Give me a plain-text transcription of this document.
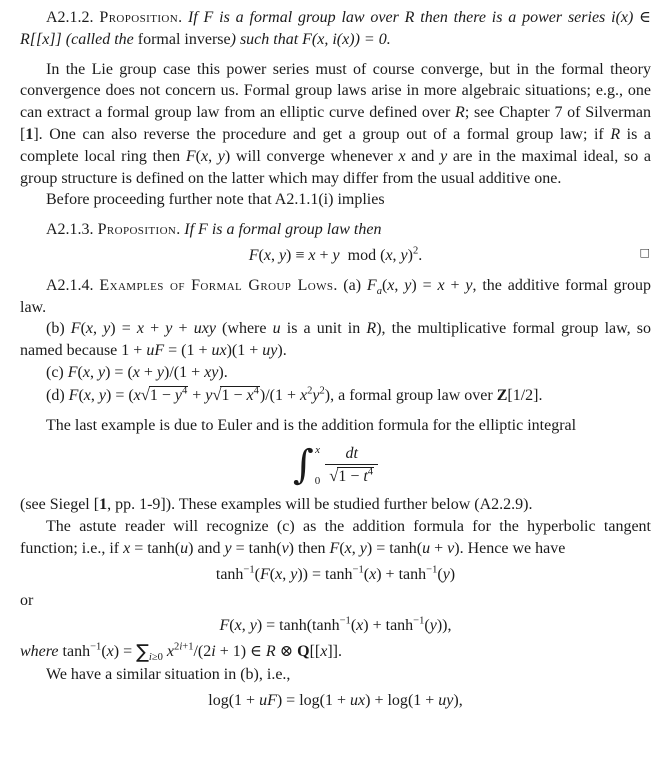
A2.1.2. Proposition. If F is a formal group law over R then there is a power series i(x) ∈ R[[x]] (called the formal inverse) such that F(x, i(x)) = 0.
In the Lie group case this power series must of course converge, but in the formal theory convergence does not concern us. Formal group laws arise in more algebraic situations; e.g., one can extract a formal group law from an elliptic curve defined over R; see Chapter 7 of Silverman [1]. One can also reverse the procedure and get a group out of a formal group law; if R is a complete local ring then F(x, y) will converge whenever x and y are in the maximal ideal, so a group structure is defined on the latter which may differ from the usual additive one.
Before proceeding further note that A2.1.1(i) implies
A2.1.3. Proposition. If F is a formal group law then
F(x, y) ≡ x + y  mod (x, y)$^2$.	□
A2.1.4. Examples of Formal Group Lows. (a) $F_a(x$, y) = x + y, the additive formal group law.
(b) F(x, y) = x + y + uxy (where u is a unit in R), the multiplicative formal group law, so named because 1 + uF = (1 + ux)(1 + uy).
(c) F(x, y) = (x + y)/(1 + xy).
(d) F(x, $y) = (x√1 - y^4 + y√1 - x^4)/(1 + x^2y^2)$, a formal group law over Z[1/2].
The last example is due to Euler and is the addition formula for the elliptic integral
∫ x
$0 \frac{dt}{√1 - t^4}$
(see Siegel [1, pp. 1-9]). These examples will be studied further below (A2.2.9).
The astute reader will recognize (c) as the addition formula for the hyperbolic tangent function; i.e., if x = tanh(u) and y = tanh(v) then F(x, y) = tanh(u + v). Hence we have
$\tanh^{-1}(F(x$, $y)) = \tanh^{-1}(x) + \tanh^{-1}(y)$
or
F(x, $y) = \tanh(\tanh^{-1}(x) + \tanh^{-1}(y))$,
where $\tanh^{-1}(x) = \sum_{i\ge 0}$ $x^{2i+1}/(2i + 1)$ ∈ R ⊗ Q[[x]].
We have a similar situation in (b), i.e.,
log(1 + uF) = log(1 + ux) + log(1 + uy),
